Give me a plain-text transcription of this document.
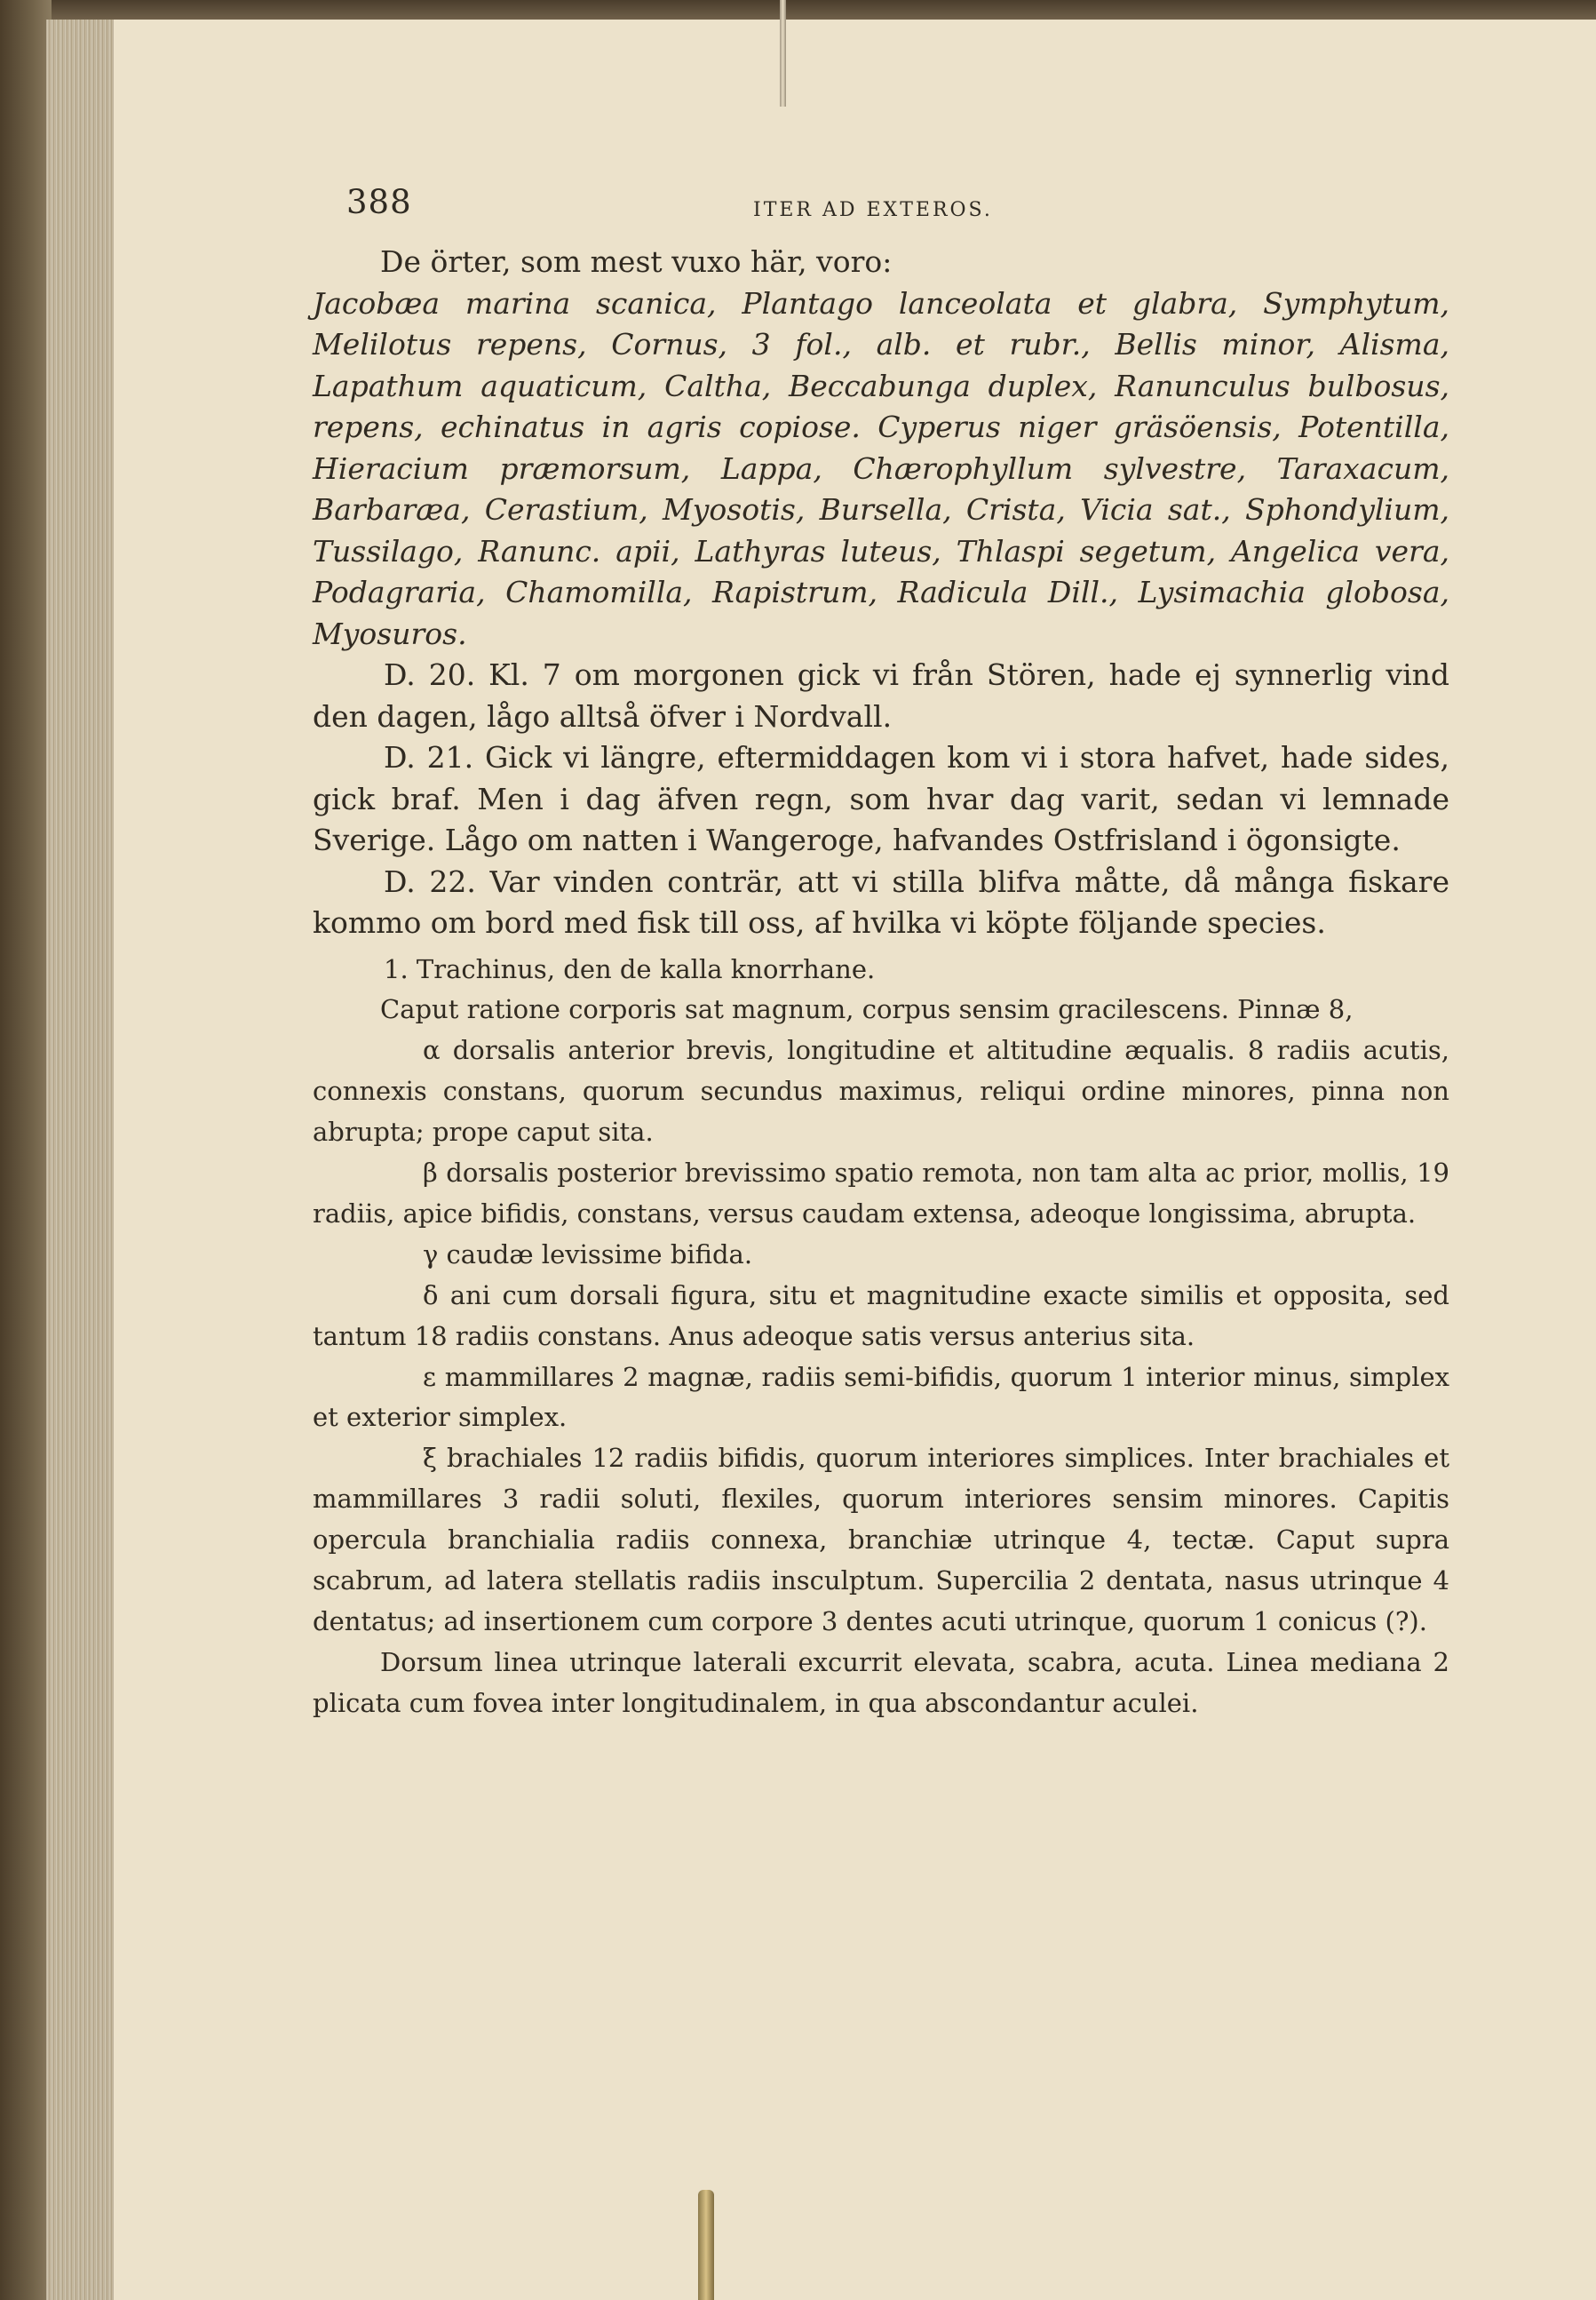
388	ITER AD EXTEROS.

De örter, som mest vuxo här, voro:

Jacobæa marina scanica, Plantago lanceolata et glabra, Symphytum, Melilotus repens, Cornus, 3 fol., alb. et rubr., Bellis minor, Alisma, Lapathum aquaticum, Caltha, Beccabunga duplex, Ranunculus bulbosus, repens, echinatus in agris copiose. Cyperus niger gräsöensis, Potentilla, Hieracium præmorsum, Lappa, Chærophyllum sylvestre, Taraxacum, Barbaræa, Cerastium, Myosotis, Bursella, Crista, Vicia sat., Sphondylium, Tussilago, Ranunc. apii, Lathyras luteus, Thlaspi segetum, Angelica vera, Podagraria, Chamomilla, Rapistrum, Radicula Dill., Lysimachia globosa, Myosuros.

D. 20. Kl. 7 om morgonen gick vi från Stören, hade ej synnerlig vind den dagen, lågo alltså öfver i Nordvall.

D. 21. Gick vi längre, eftermiddagen kom vi i stora hafvet, hade sides, gick braf. Men i dag äfven regn, som hvar dag varit, sedan vi lemnade Sverige. Lågo om natten i Wangeroge, hafvandes Ostfrisland i ögonsigte.

D. 22. Var vinden conträr, att vi stilla blifva måtte, då många fiskare kommo om bord med fisk till oss, af hvilka vi köpte följande species.

1. Trachinus, den de kalla knorrhane.

Caput ratione corporis sat magnum, corpus sensim gracilescens. Pinnæ 8,

α dorsalis anterior brevis, longitudine et altitudine æqualis. 8 radiis acutis, connexis constans, quorum secundus maximus, reliqui ordine minores, pinna non abrupta; prope caput sita.

β dorsalis posterior brevissimo spatio remota, non tam alta ac prior, mollis, 19 radiis, apice bifidis, constans, versus caudam extensa, adeoque longissima, abrupta.

γ caudæ levissime bifida.

δ ani cum dorsali figura, situ et magnitudine exacte similis et opposita, sed tantum 18 radiis constans. Anus adeoque satis versus anterius sita.

ε mammillares 2 magnæ, radiis semi-bifidis, quorum 1 interior minus, simplex et exterior simplex.

ξ brachiales 12 radiis bifidis, quorum interiores simplices. Inter brachiales et mammillares 3 radii soluti, flexiles, quorum interiores sensim minores. Capitis opercula branchialia radiis connexa, branchiæ utrinque 4, tectæ. Caput supra scabrum, ad latera stellatis radiis insculptum. Supercilia 2 dentata, nasus utrinque 4 dentatus; ad insertionem cum corpore 3 dentes acuti utrinque, quorum 1 conicus (?).

Dorsum linea utrinque laterali excurrit elevata, scabra, acuta. Linea mediana 2 plicata cum fovea inter longitudinalem, in qua abscondantur aculei.
